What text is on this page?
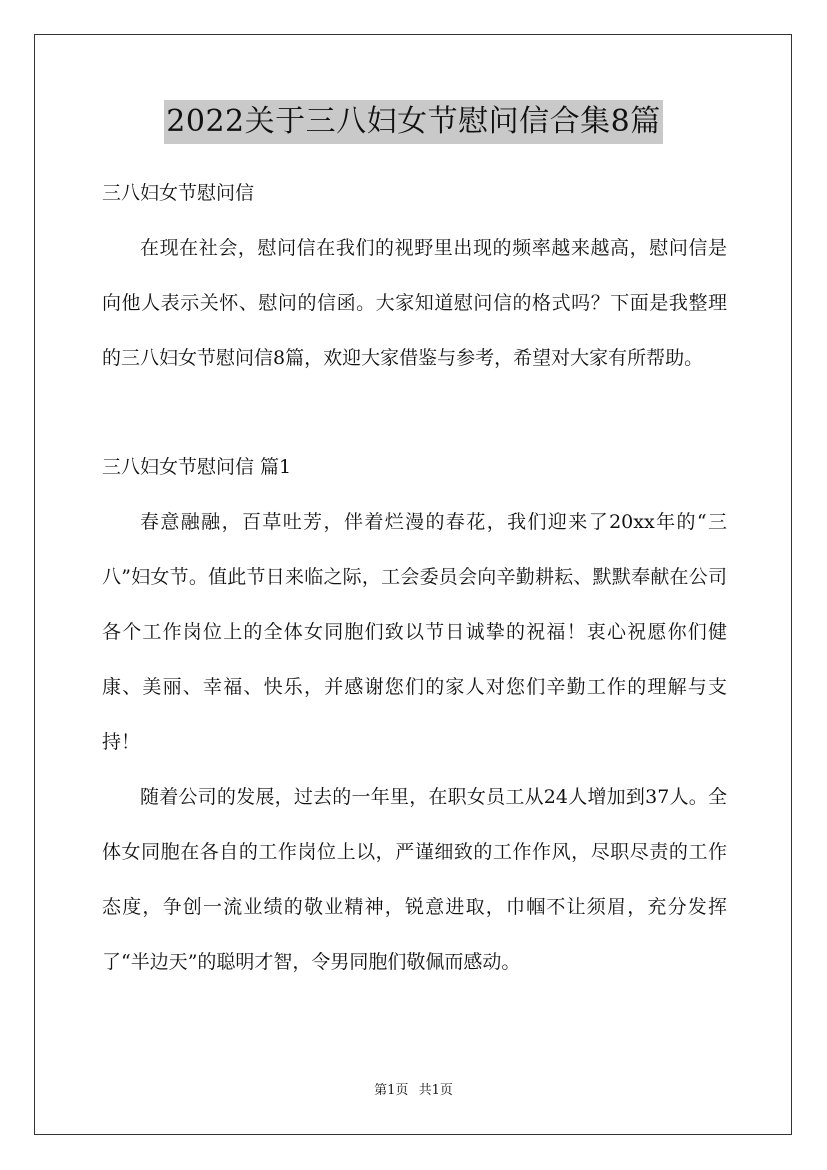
2022关于三八妇女节慰问信合集8篇

三八妇女节慰问信

在现在社会，慰问信在我们的视野里出现的频率越来越高，慰问信是向他人表示关怀、慰问的信函。大家知道慰问信的格式吗？下面是我整理的三八妇女节慰问信8篇，欢迎大家借鉴与参考，希望对大家有所帮助。

三八妇女节慰问信 篇1

春意融融，百草吐芳，伴着烂漫的春花，我们迎来了20xx年的“三八”妇女节。值此节日来临之际，工会委员会向辛勤耕耘、默默奉献在公司各个工作岗位上的全体女同胞们致以节日诚挚的祝福！衷心祝愿你们健康、美丽、幸福、快乐，并感谢您们的家人对您们辛勤工作的理解与支持！

随着公司的发展，过去的一年里，在职女员工从24人增加到37人。全体女同胞在各自的工作岗位上以，严谨细致的工作作风，尽职尽责的工作态度，争创一流业绩的敬业精神，锐意进取，巾帼不让须眉，充分发挥了“半边天”的聪明才智，令男同胞们敬佩而感动。

第1页 共1页
